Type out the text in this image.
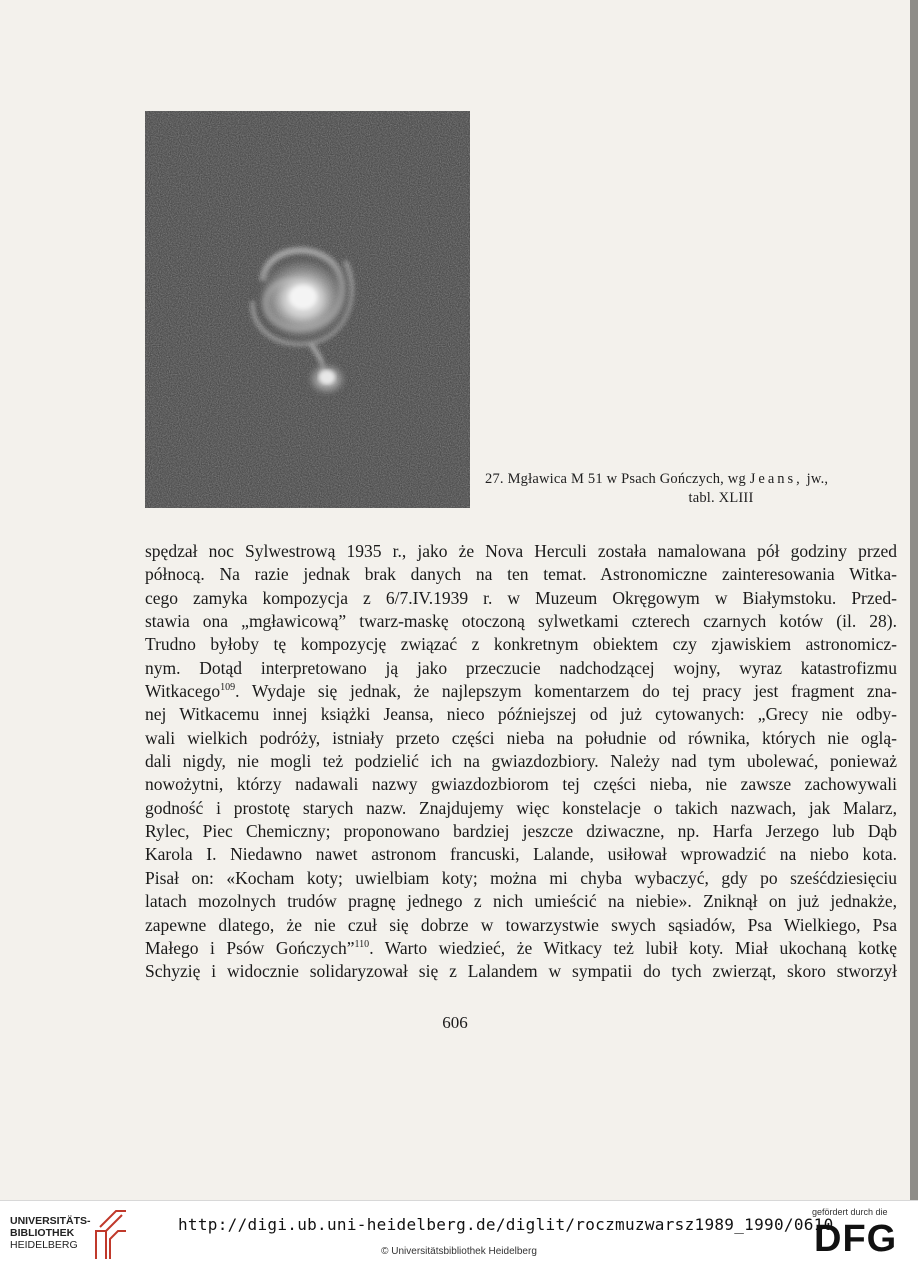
27. Mgławica M 51 w Psach Gończych, wg Jeans, jw.,
tabl. XLIII
spędzał noc Sylwestrową 1935 r., jako że Nova Herculi została namalowana pół godziny przed
północą. Na razie jednak brak danych na ten temat. Astronomiczne zainteresowania Witka-
cego zamyka kompozycja z 6/7.IV.1939 r. w Muzeum Okręgowym w Białymstoku. Przed-
stawia ona „mgławicową” twarz-maskę otoczoną sylwetkami czterech czarnych kotów (il. 28).
Trudno byłoby tę kompozycję związać z konkretnym obiektem czy zjawiskiem astronomicz-
nym. Dotąd interpretowano ją jako przeczucie nadchodzącej wojny, wyraz katastrofizmu
Witkacego$^{109}$. Wydaje się jednak, że najlepszym komentarzem do tej pracy jest fragment zna-
nej Witkacemu innej książki Jeansa, nieco późniejszej od już cytowanych: „Grecy nie odby-
wali wielkich podróży, istniały przeto części nieba na południe od równika, których nie oglą-
dali nigdy, nie mogli też podzielić ich na gwiazdozbiory. Należy nad tym ubolewać, ponieważ
nowożytni, którzy nadawali nazwy gwiazdozbiorom tej części nieba, nie zawsze zachowywali
godność i prostotę starych nazw. Znajdujemy więc konstelacje o takich nazwach, jak Malarz,
Rylec, Piec Chemiczny; proponowano bardziej jeszcze dziwaczne, np. Harfa Jerzego lub Dąb
Karola I. Niedawno nawet astronom francuski, Lalande, usiłował wprowadzić na niebo kota.
Pisał on: «Kocham koty; uwielbiam koty; można mi chyba wybaczyć, gdy po sześćdziesięciu
latach mozolnych trudów pragnę jednego z nich umieścić na niebie». Zniknął on już jednakże,
zapewne dlatego, że nie czuł się dobrze w towarzystwie swych sąsiadów, Psa Wielkiego, Psa
Małego i Psów Gończych”$^{110}$. Warto wiedzieć, że Witkacy też lubił koty. Miał ukochaną kotkę
Schyzię i widocznie solidaryzował się z Lalandem w sympatii do tych zwierząt, skoro stworzył
606
UNIVERSITÄTS-
BIBLIOTHEK
HEIDELBERG
http://digi.ub.uni-heidelberg.de/diglit/roczmuzwarsz1989_1990/0610
© Universitätsbibliothek Heidelberg
gefördert durch die
DFG
